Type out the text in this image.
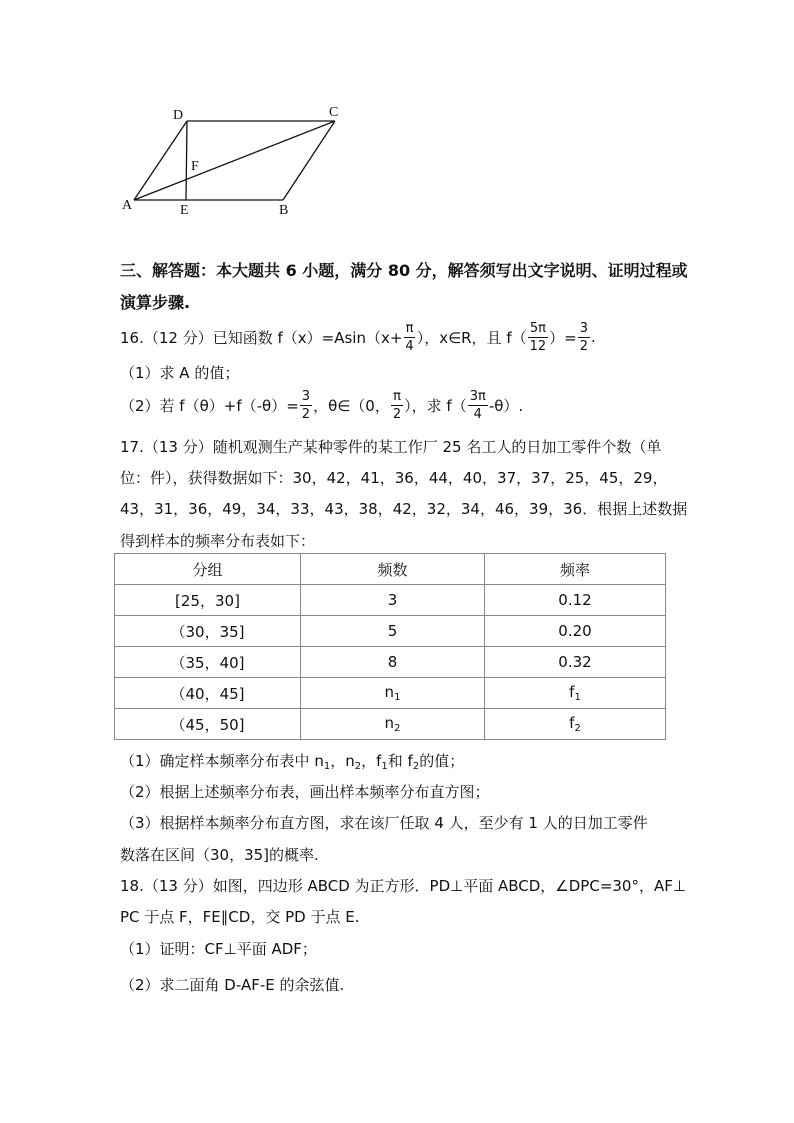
D	C
F
A	E	B
三、解答题：本大题共 6 小题，满分 80 分，解答须写出文字说明、证明过程或
演算步骤.
16.（12 分）已知函数 $f(x)=Asin(x+ \frac{\pi}{4}$ ），x∈R，且 $f( \frac{5\pi}{12}$ ）= $\frac{3}{2}$ .
（1）求 A 的值；
（2）若 $f(\theta)+f(-\theta)= \frac{3}{2}$ ，θ∈（0， $\frac{\pi}{2}$ ），求 $f( \frac{3\pi}{4} -\theta)$.
17.（13 分）随机观测生产某种零件的某工作厂 25 名工人的日加工零件个数（单
位：件），获得数据如下：30，42，41，36，44，40，37，37，25，45，29，
43，31，36，49，34，33，43，38，42，32，34，46，39，36．根据上述数据
得到样本的频率分布表如下：
分组	频数	频率
[25，30]	3	0.12
（30，35]	5	0.20
（35，40]	8	0.32
（40，45]	$n_1$	$f_1$
（45，50]	$n_2$	$f_2$
（1）确定样本频率分布表中 $n_1$，$n_2$，$f_1$和 $f_2$的值；
（2）根据上述频率分布表，画出样本频率分布直方图；
（3）根据样本频率分布直方图，求在该厂任取 4 人，至少有 1 人的日加工零件
数落在区间（30，35]的概率.
18.（13 分）如图，四边形 ABCD 为正方形．PD⊥平面 ABCD，∠DPC=30°，AF⊥
PC 于点 F，FE∥CD，交 PD 于点 E.
（1）证明：CF⊥平面 ADF；
（2）求二面角 D-AF-E 的余弦值.
